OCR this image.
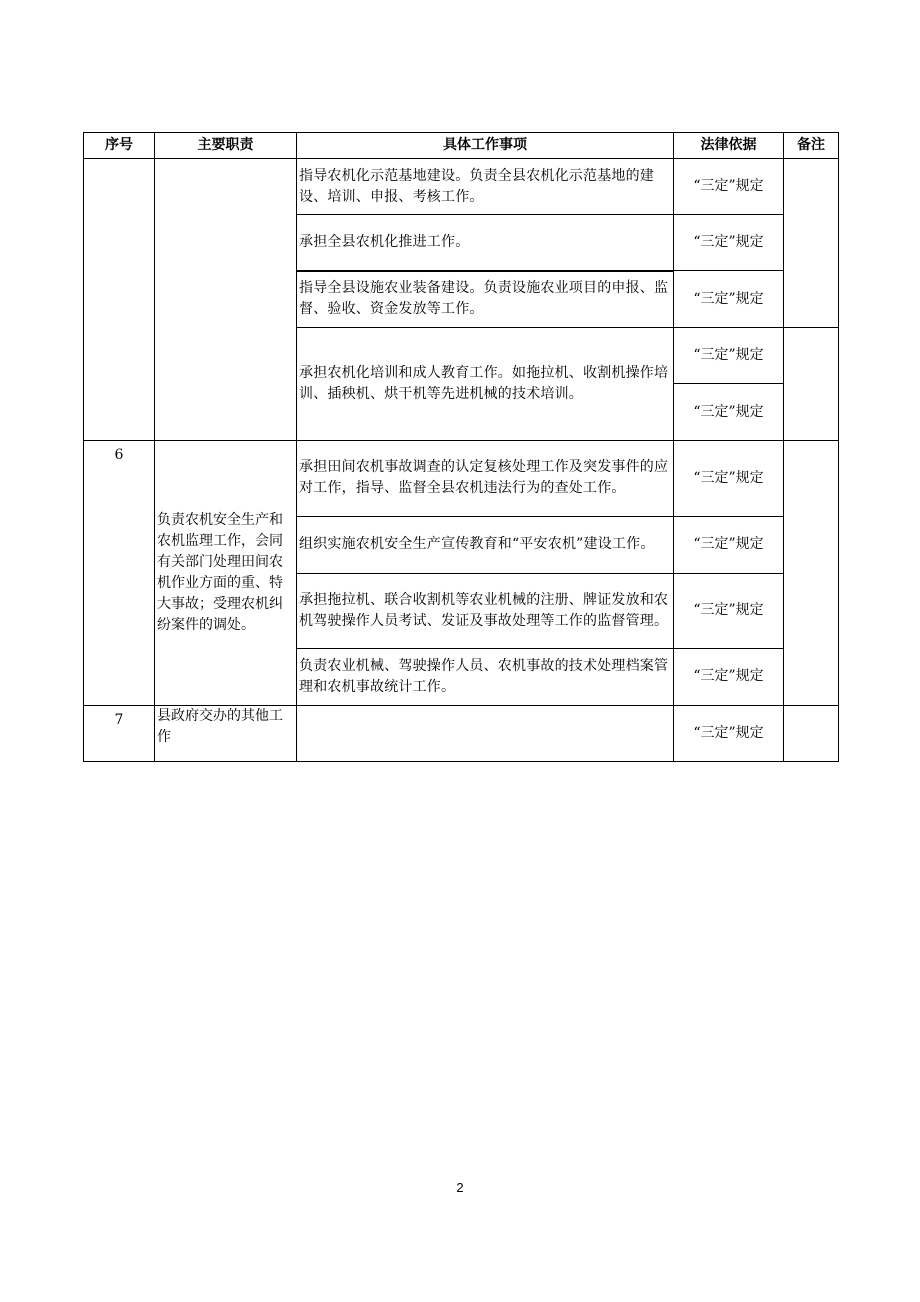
序号	主要职责	具体工作事项	法律依据	备注
		指导农机化示范基地建设。负责全县农机化示范基地的建设、培训、申报、考核工作。	“三定”规定	
		承担全县农机化推进工作。	“三定”规定	
		指导全县设施农业装备建设。负责设施农业项目的申报、监督、验收、资金发放等工作。	“三定”规定	
		承担农机化培训和成人教育工作。如拖拉机、收割机操作培训、插秧机、烘干机等先进机械的技术培训。	“三定”规定	
			“三定”规定	
6	负责农机安全生产和农机监理工作，会同有关部门处理田间农机作业方面的重、特大事故；受理农机纠纷案件的调处。	承担田间农机事故调查的认定复核处理工作及突发事件的应对工作，指导、监督全县农机违法行为的查处工作。	“三定”规定	
		组织实施农机安全生产宣传教育和“平安农机”建设工作。	“三定”规定	
		承担拖拉机、联合收割机等农业机械的注册、牌证发放和农机驾驶操作人员考试、发证及事故处理等工作的监督管理。	“三定”规定	
		负责农业机械、驾驶操作人员、农机事故的技术处理档案管理和农机事故统计工作。	“三定”规定	
7	县政府交办的其他工作		“三定”规定	
2
